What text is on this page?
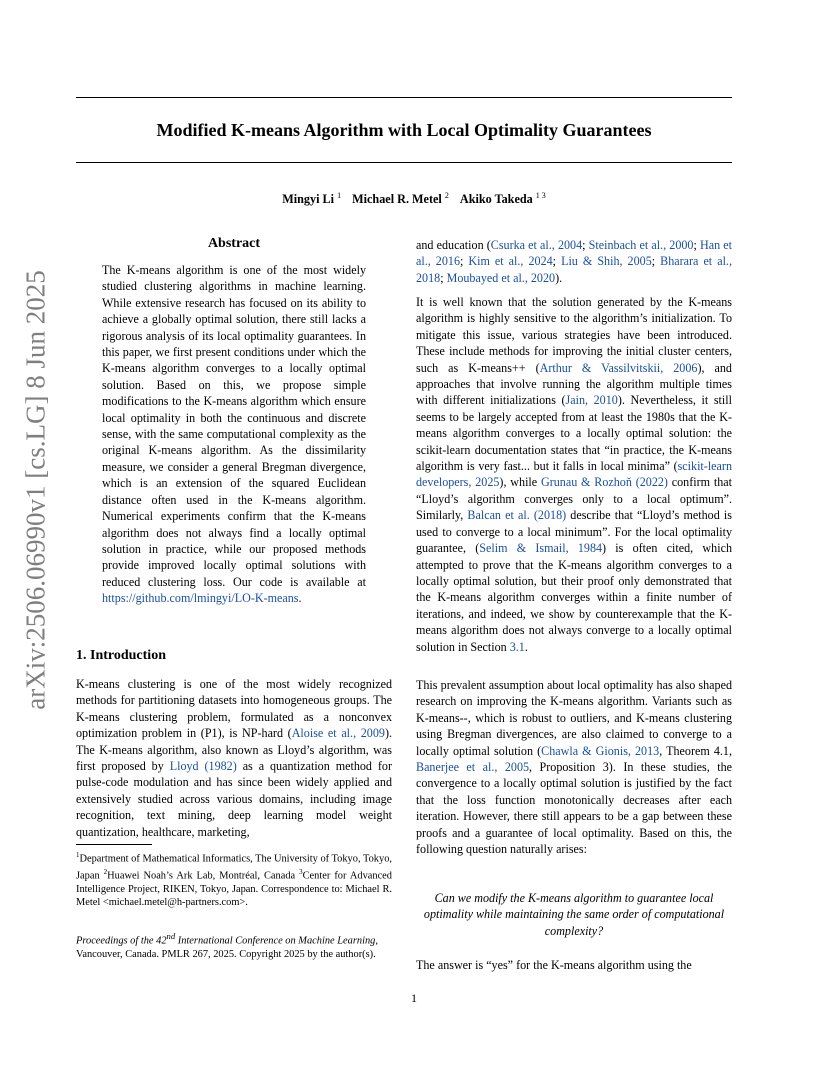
Modified K-means Algorithm with Local Optimality Guarantees
Mingyi Li $^1$ Michael R. Metel $^2$ Akiko Takeda $^{1 3}$
arXiv:2506.06990v1 [cs.LG] 8 Jun 2025
Abstract
The K-means algorithm is one of the most widely studied clustering algorithms in machine learning. While extensive research has focused on its ability to achieve a globally optimal solution, there still lacks a rigorous analysis of its local optimality guarantees. In this paper, we first present conditions under which the K-means algorithm converges to a locally optimal solution. Based on this, we propose simple modifications to the K-means algorithm which ensure local optimality in both the continuous and discrete sense, with the same computational complexity as the original K-means algorithm. As the dissimilarity measure, we consider a general Bregman divergence, which is an extension of the squared Euclidean distance often used in the K-means algorithm. Numerical experiments confirm that the K-means algorithm does not always find a locally optimal solution in practice, while our proposed methods provide improved locally optimal solutions with reduced clustering loss. Our code is available at https://github.com/lmingyi/LO-K-means.
1. Introduction

K-means clustering is one of the most widely recognized methods for partitioning datasets into homogeneous groups. The K-means clustering problem, formulated as a nonconvex optimization problem in (P1), is NP-hard (Aloise et al., 2009). The K-means algorithm, also known as Lloyd’s algorithm, was first proposed by Lloyd (1982) as a quantization method for pulse-code modulation and has since been widely applied and extensively studied across various domains, including image recognition, text mining, deep learning model weight quantization, healthcare, marketing,

$^1$Department of Mathematical Informatics, The University of Tokyo, Tokyo, Japan $^2$Huawei Noah’s Ark Lab, Montréal, Canada $^3$Center for Advanced Intelligence Project, RIKEN, Tokyo, Japan. Correspondence to: Michael R. Metel <michael.metel@h-partners.com>.
Proceedings of the 42nd International Conference on Machine Learning, Vancouver, Canada. PMLR 267, 2025. Copyright 2025 by the author(s).

and education (Csurka et al., 2004; Steinbach et al., 2000; Han et al., 2016; Kim et al., 2024; Liu & Shih, 2005; Bharara et al., 2018; Moubayed et al., 2020).

It is well known that the solution generated by the K-means algorithm is highly sensitive to the algorithm’s initialization. To mitigate this issue, various strategies have been introduced. These include methods for improving the initial cluster centers, such as K-means++ (Arthur & Vassilvitskii, 2006), and approaches that involve running the algorithm multiple times with different initializations (Jain, 2010). Nevertheless, it still seems to be largely accepted from at least the 1980s that the K-means algorithm converges to a locally optimal solution: the scikit-learn documentation states that “in practice, the K-means algorithm is very fast... but it falls in local minima” (scikit-learn developers, 2025), while Grunau & Rozhoň (2022) confirm that “Lloyd’s algorithm converges only to a local optimum”. Similarly, Balcan et al. (2018) describe that “Lloyd’s method is used to converge to a local minimum”. For the local optimality guarantee, (Selim & Ismail, 1984) is often cited, which attempted to prove that the K-means algorithm converges to a locally optimal solution, but their proof only demonstrated that the K-means algorithm converges within a finite number of iterations, and indeed, we show by counterexample that the K-means algorithm does not always converge to a locally optimal solution in Section 3.1.

This prevalent assumption about local optimality has also shaped research on improving the K-means algorithm. Variants such as K-means--, which is robust to outliers, and K-means clustering using Bregman divergences, are also claimed to converge to a locally optimal solution (Chawla & Gionis, 2013, Theorem 4.1, Banerjee et al., 2005, Proposition 3). In these studies, the convergence to a locally optimal solution is justified by the fact that the loss function monotonically decreases after each iteration. However, there still appears to be a gap between these proofs and a guarantee of local optimality. Based on this, the following question naturally arises:

Can we modify the K-means algorithm to guarantee local optimality while maintaining the same order of computational complexity?
The answer is “yes” for the K-means algorithm using the
1
